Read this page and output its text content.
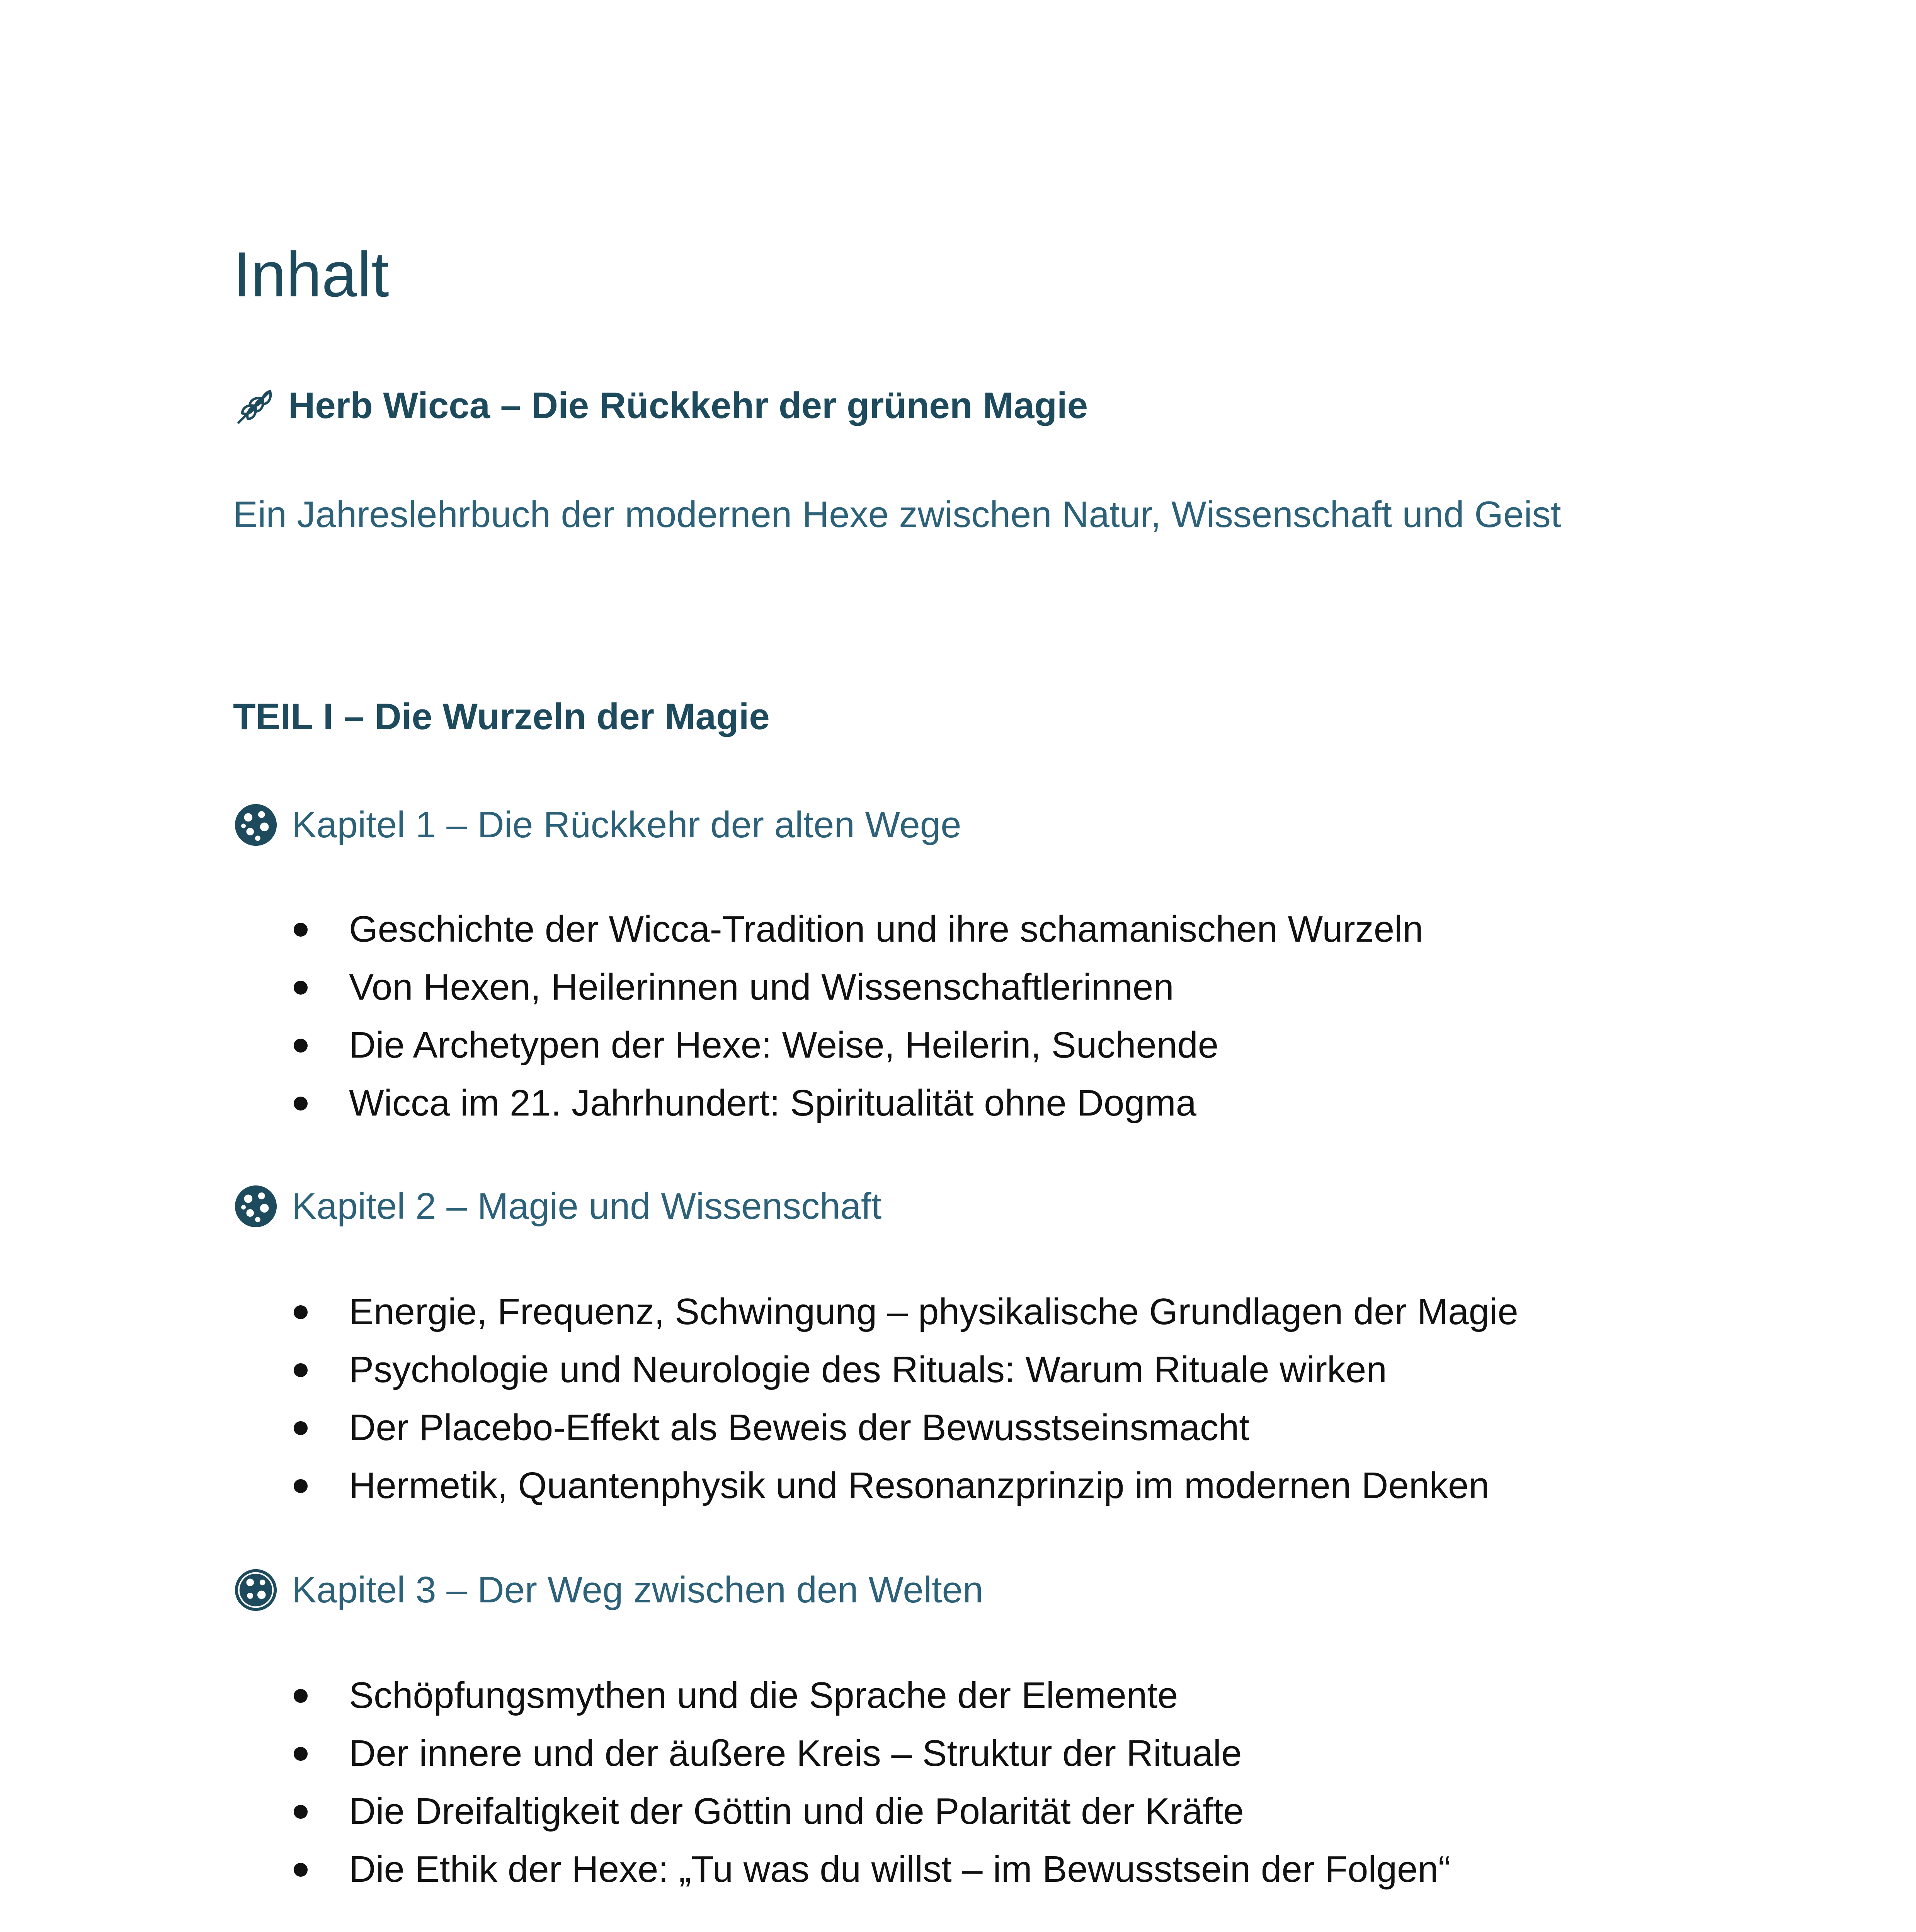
Inhalt
Herb Wicca – Die Rückkehr der grünen Magie
Ein Jahreslehrbuch der modernen Hexe zwischen Natur, Wissenschaft und Geist
TEIL I – Die Wurzeln der Magie
Kapitel 1 – Die Rückkehr der alten Wege
Geschichte der Wicca-Tradition und ihre schamanischen Wurzeln
Von Hexen, Heilerinnen und Wissenschaftlerinnen
Die Archetypen der Hexe: Weise, Heilerin, Suchende
Wicca im 21. Jahrhundert: Spiritualität ohne Dogma
Kapitel 2 – Magie und Wissenschaft
Energie, Frequenz, Schwingung – physikalische Grundlagen der Magie
Psychologie und Neurologie des Rituals: Warum Rituale wirken
Der Placebo-Effekt als Beweis der Bewusstseinsmacht
Hermetik, Quantenphysik und Resonanzprinzip im modernen Denken
Kapitel 3 – Der Weg zwischen den Welten
Schöpfungsmythen und die Sprache der Elemente
Der innere und der äußere Kreis – Struktur der Rituale
Die Dreifaltigkeit der Göttin und die Polarität der Kräfte
Die Ethik der Hexe: „Tu was du willst – im Bewusstsein der Folgen“
